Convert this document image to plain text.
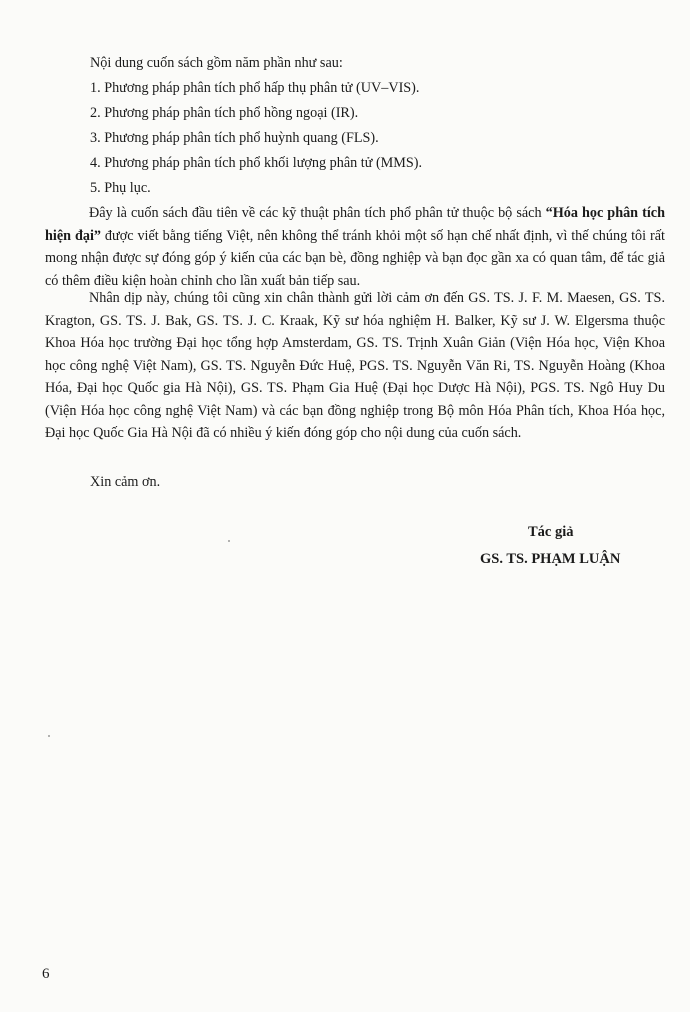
Nội dung cuốn sách gồm năm phần như sau:
1. Phương pháp phân tích phổ hấp thụ phân tử (UV–VIS).
2. Phương pháp phân tích phổ hồng ngoại (IR).
3. Phương pháp phân tích phổ huỳnh quang (FLS).
4. Phương pháp phân tích phổ khối lượng phân tử (MMS).
5. Phụ lục.
Đây là cuốn sách đầu tiên về các kỹ thuật phân tích phổ phân tử thuộc bộ sách “Hóa học phân tích hiện đại” được viết bằng tiếng Việt, nên không thể tránh khỏi một số hạn chế nhất định, vì thế chúng tôi rất mong nhận được sự đóng góp ý kiến của các bạn bè, đồng nghiệp và bạn đọc gần xa có quan tâm, để tác giả có thêm điều kiện hoàn chỉnh cho lần xuất bản tiếp sau.
Nhân dịp này, chúng tôi cũng xin chân thành gửi lời cảm ơn đến GS. TS. J. F. M. Maesen, GS. TS. Kragton, GS. TS. J. Bak, GS. TS. J. C. Kraak, Kỹ sư hóa nghiệm H. Balker, Kỹ sư J. W. Elgersma thuộc Khoa Hóa học trường Đại học tổng hợp Amsterdam, GS. TS. Trịnh Xuân Giản (Viện Hóa học, Viện Khoa học công nghệ Việt Nam), GS. TS. Nguyễn Đức Huệ, PGS. TS. Nguyễn Văn Ri, TS. Nguyễn Hoàng (Khoa Hóa, Đại học Quốc gia Hà Nội), GS. TS. Phạm Gia Huệ (Đại học Dược Hà Nội), PGS. TS. Ngô Huy Du (Viện Hóa học công nghệ Việt Nam) và các bạn đồng nghiệp trong Bộ môn Hóa Phân tích, Khoa Hóa học, Đại học Quốc Gia Hà Nội đã có nhiều ý kiến đóng góp cho nội dung của cuốn sách.
Xin cảm ơn.
Tác giả
GS. TS. PHẠM LUẬN
6
